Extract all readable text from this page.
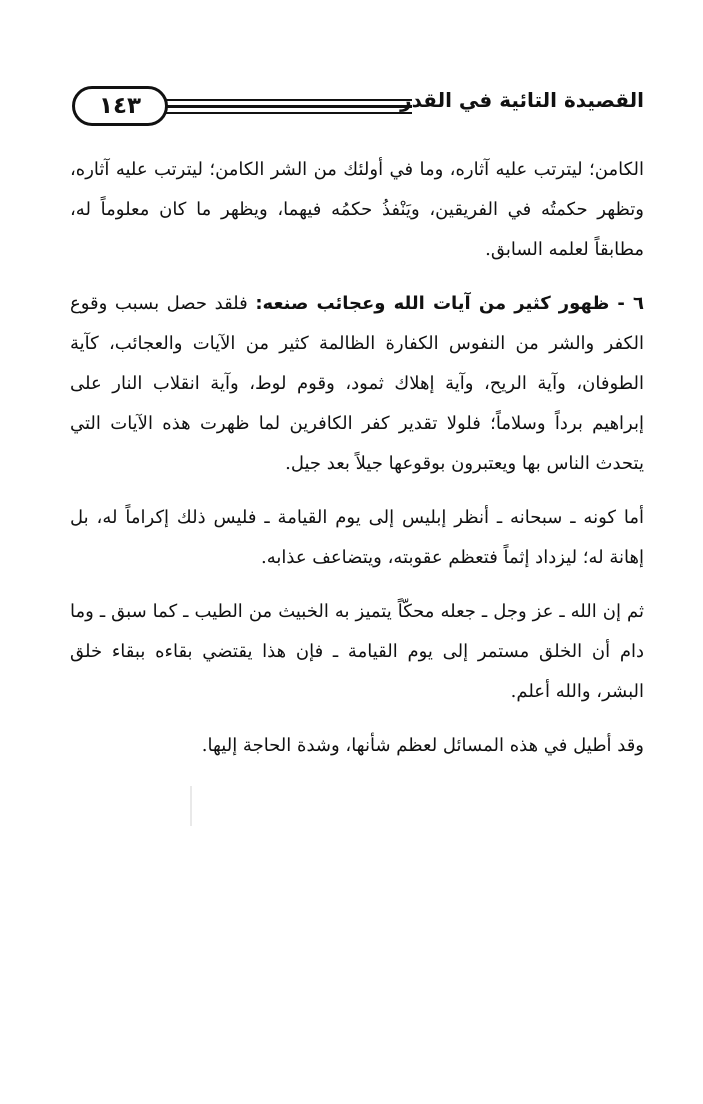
١٤٣	القصيدة التائية في القدر

الكامن؛ ليترتب عليه آثاره، وما في أولئك من الشر الكامن؛ ليترتب عليه آثاره، وتظهر حكمتُه في الفريقين، ويَنْفذُ حكمُه فيهما، ويظهر ما كان معلوماً له، مطابقاً لعلمه السابق.

٦ - ظهور كثير من آيات الله وعجائب صنعه: فلقد حصل بسبب وقوع الكفر والشر من النفوس الكفارة الظالمة كثير من الآيات والعجائب، كآية الطوفان، وآية الريح، وآية إهلاك ثمود، وقوم لوط، وآية انقلاب النار على إبراهيم برداً وسلاماً؛ فلولا تقدير كفر الكافرين لما ظهرت هذه الآيات التي يتحدث الناس بها ويعتبرون بوقوعها جيلاً بعد جيل.

أما كونه ـ سبحانه ـ أنظر إبليس إلى يوم القيامة ـ فليس ذلك إكراماً له، بل إهانة له؛ ليزداد إثماً فتعظم عقوبته، ويتضاعف عذابه.

ثم إن الله ـ عز وجل ـ جعله محكّاً يتميز به الخبيث من الطيب ـ كما سبق ـ وما دام أن الخلق مستمر إلى يوم القيامة ـ فإن هذا يقتضي بقاءه ببقاء خلق البشر، والله أعلم.

وقد أطيل في هذه المسائل لعظم شأنها، وشدة الحاجة إليها.
